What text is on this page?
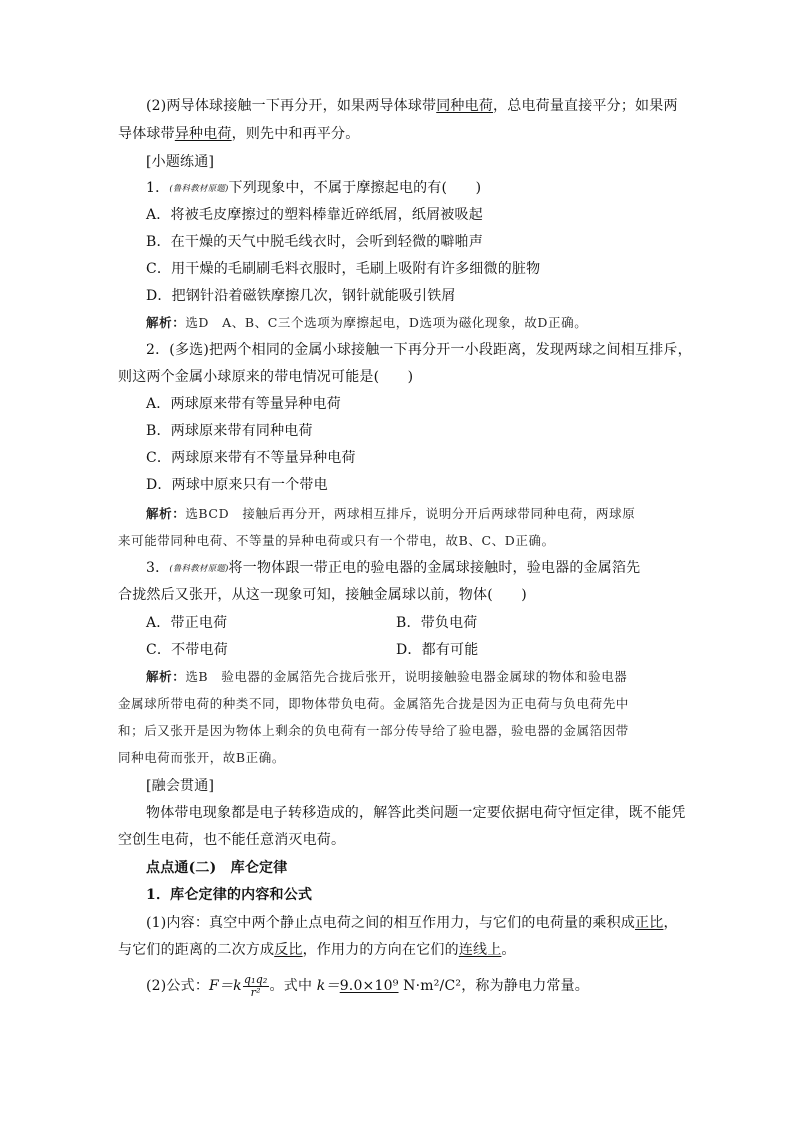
(2)两导体球接触一下再分开，如果两导体球带同种电荷，总电荷量直接平分；如果两
导体球带异种电荷，则先中和再平分。
[小题练通]
1．(鲁科教材原题)下列现象中，不属于摩擦起电的有(　　)
A．将被毛皮摩擦过的塑料棒靠近碎纸屑，纸屑被吸起
B．在干燥的天气中脱毛线衣时，会听到轻微的噼啪声
C．用干燥的毛刷刷毛料衣服时，毛刷上吸附有许多细微的脏物
D．把钢针沿着磁铁摩擦几次，钢针就能吸引铁屑
解析：选D　A、B、C三个选项为摩擦起电，D选项为磁化现象，故D正确。
2．(多选)把两个相同的金属小球接触一下再分开一小段距离，发现两球之间相互排斥，
则这两个金属小球原来的带电情况可能是(　　)
A．两球原来带有等量异种电荷
B．两球原来带有同种电荷
C．两球原来带有不等量异种电荷
D．两球中原来只有一个带电
解析：选BCD　接触后再分开，两球相互排斥，说明分开后两球带同种电荷，两球原
来可能带同种电荷、不等量的异种电荷或只有一个带电，故B、C、D正确。
3．(鲁科教材原题)将一物体跟一带正电的验电器的金属球接触时，验电器的金属箔先
合拢然后又张开，从这一现象可知，接触金属球以前，物体(　　)
A．带正电荷	B．带负电荷
C．不带电荷	D．都有可能
解析：选B　验电器的金属箔先合拢后张开，说明接触验电器金属球的物体和验电器
金属球所带电荷的种类不同，即物体带负电荷。金属箔先合拢是因为正电荷与负电荷先中
和；后又张开是因为物体上剩余的负电荷有一部分传导给了验电器，验电器的金属箔因带
同种电荷而张开，故B正确。
[融会贯通]
物体带电现象都是电子转移造成的，解答此类问题一定要依据电荷守恒定律，既不能凭
空创生电荷，也不能任意消灭电荷。
点点通(二)　库仑定律
1．库仑定律的内容和公式
(1)内容：真空中两个静止点电荷之间的相互作用力，与它们的电荷量的乘积成正比，
与它们的距离的二次方成反比，作用力的方向在它们的连线上。
(2)公式：$F=k \frac{\text{q₁q₂}}{\text{r²}}$ 。式中 k＝9.0×10⁹ N·m²/C²，称为静电力常量。
